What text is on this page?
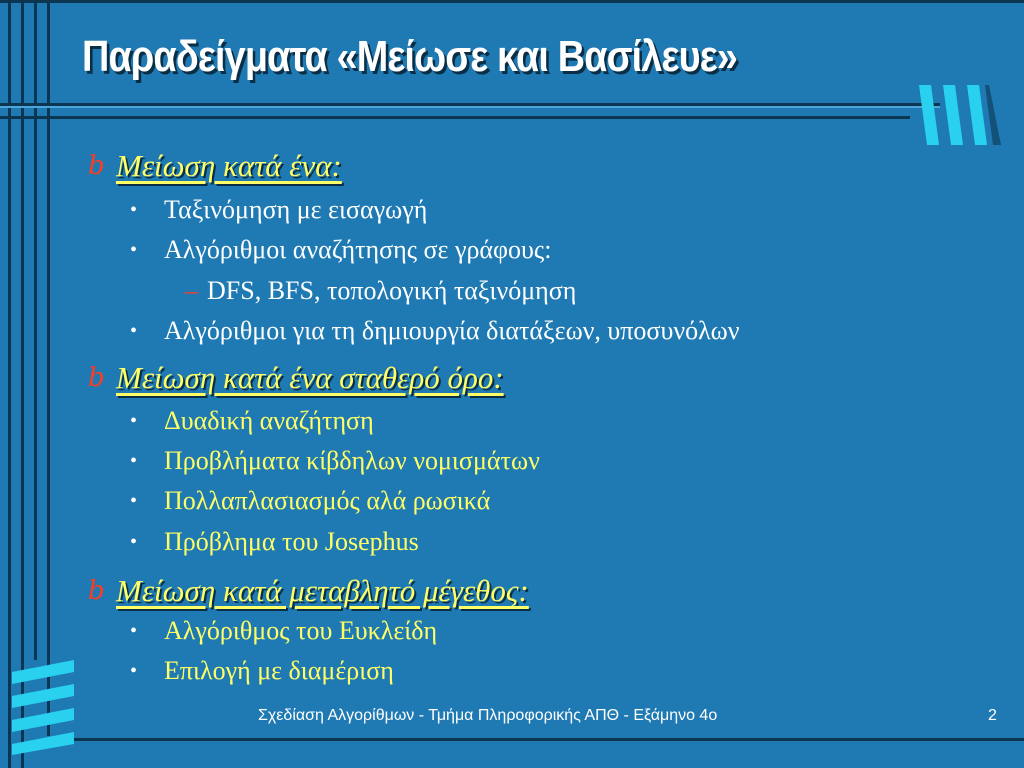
Παραδείγματα «Μείωσε και Βασίλευε»
b Μείωση κατά ένα:
•	Ταξινόμηση με εισαγωγή
•	Αλγόριθμοι αναζήτησης σε γράφους:
– DFS, BFS, τοπολογική ταξινόμηση
•	Αλγόριθμοι για τη δημιουργία διατάξεων, υποσυνόλων
b Μείωση κατά ένα σταθερό όρο:
•	Δυαδική αναζήτηση
•	Προβλήματα κίβδηλων νομισμάτων
•	Πολλαπλασιασμός αλά ρωσικά
•	Πρόβλημα του Josephus
b Μείωση κατά μεταβλητό μέγεθος:
•	Αλγόριθμος του Ευκλείδη
•	Επιλογή με διαμέριση
Σχεδίαση Αλγορίθμων - Τμήμα Πληροφορικής ΑΠΘ - Εξάμηνο 4ο	2
